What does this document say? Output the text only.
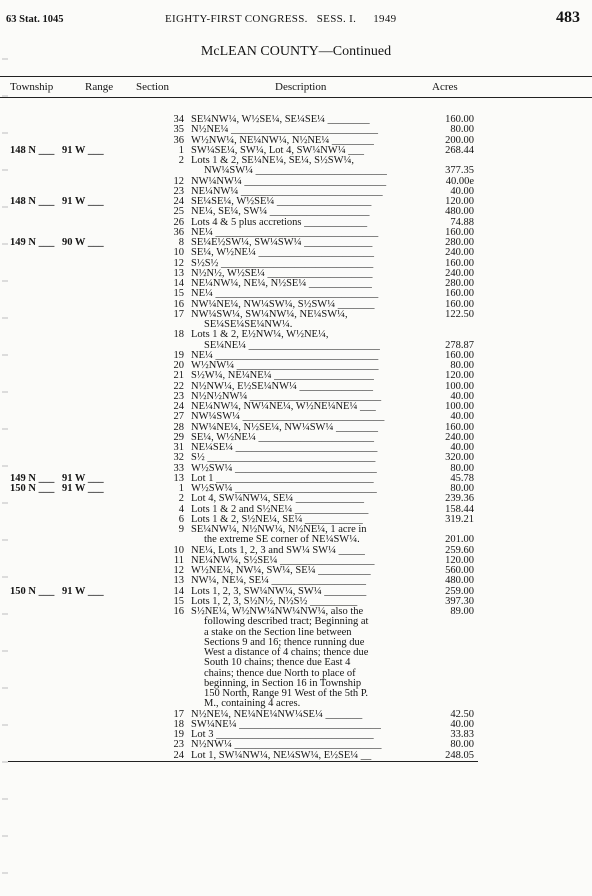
63 Stat. 1045	EIGHTY-FIRST CONGRESS. SESS. I. 1949	483
McLEAN COUNTY—Continued
Township	Range Section	Description	Acres
34 SE¼NW¼, W½SE¼, SE¼SE¼ ________	160.00
35 N½NE¼ ____________________________	80.00
36 W½NW¼, NE¼NW¼, N½NE¼ ________	200.00
148 N ___ 91 W ___	1 SW¼SE¼, SW¼, Lot 4, SW¼NW¼ ___	268.44
2 Lots 1 & 2, SE¼NE¼, SE¼, S½SW¼,
NW¼SW¼ _________________________	377.35
12 NW¼NW¼ ___________________________	40.00e
23 NE¼NW¼ ___________________________	40.00
148 N ___ 91 W ___	24 SE¼SE¼, W½SE¼ __________________	120.00
25 NE¼, SE¼, SW¼ ___________________	480.00
26 Lots 4 & 5 plus accretions ____________	74.88
36 NE¼ _______________________________	160.00
149 N ___ 90 W ___	8 SE¼E½SW¼, SW¼SW¼ _____________	280.00
10 SE¼, W½NE¼ ______________________	240.00
12 S½S½ _____________________________	160.00
13 N½N½, W½SE¼ ____________________	240.00
14 NE¼NW¼, NE¼, N½SE¼ ____________	280.00
15 NE¼ _______________________________	160.00
16 NW¼NE¼, NW¼SW¼, S½SW¼ _______	160.00
17 NW¼SW¼, SW¼NW¼, NE¼SW¼,	122.50
SE¼SE¼SE¼NW¼.
18 Lots 1 & 2, E½NW¼, W½NE¼,
SE¼NE¼ _________________________	278.87
19 NE¼ _______________________________	160.00
20 W½NW¼ ___________________________	80.00
21 S½W¼, NE¼NE¼ ___________________	120.00
22 N½NW¼, E½SE¼NW¼ ______________	100.00
23 N½N½NW¼ _________________________	40.00
24 NE¼NW¼, NW¼NE¼, W½NE¼NE¼ ___	100.00
27 NW¼SW¼ ___________________________	40.00
28 NW¼NE¼, N½SE¼, NW¼SW¼ ________	160.00
29 SE¼, W½NE¼ ______________________	240.00
31 NE¼SE¼ ___________________________	40.00
32 S½ ________________________________	320.00
33 W½SW¼ ___________________________	80.00
149 N ___ 91 W ___	13 Lot 1 ______________________________	45.78
150 N ___ 91 W ___	1 W½SW¼ ___________________________	80.00
2 Lot 4, SW¼NW¼, SE¼ _____________	239.36
4 Lots 1 & 2 and S½NE¼ ______________	158.44
6 Lots 1 & 2, S½NE¼, SE¼ ___________	319.21
9 SE¼NW¼, N½NW¼, N½NE¼, 1 acre in
the extreme SE corner of NE¼SW¼.	201.00
10 NE¼, Lots 1, 2, 3 and SW¼ SW¼ _____	259.60
11 NE¼NW¼, S½SE¼ __________________	120.00
12 W½NE¼, NW¼, SW¼, SE¼ __________	560.00
13 NW¼, NE¼, SE¼ __________________	480.00
150 N ___ 91 W ___	14 Lots 1, 2, 3, SW¼NW¼, SW¼ ________	259.00
15 Lots 1, 2, 3, S½N½, N½S½ _________	397.30
16 S½NE¼, W½NW¼NW¼NW¼, also the	89.00
following described tract; Beginning at
a stake on the Section line between
Sections 9 and 16; thence running due
West a distance of 4 chains; thence due
South 10 chains; thence due East 4
chains; thence due North to place of
beginning, in Section 16 in Township
150 North, Range 91 West of the 5th P.
M., containing 4 acres.
17 N½NE¼, NE¼NE¼NW¼SE¼ _______	42.50
18 SW¼NE¼ ___________________________	40.00
19 Lot 3 ______________________________	33.83
23 N½NW¼ ____________________________	80.00
24 Lot 1, SW¼NW¼, NE¼SW¼, E½SE¼ __	248.05
